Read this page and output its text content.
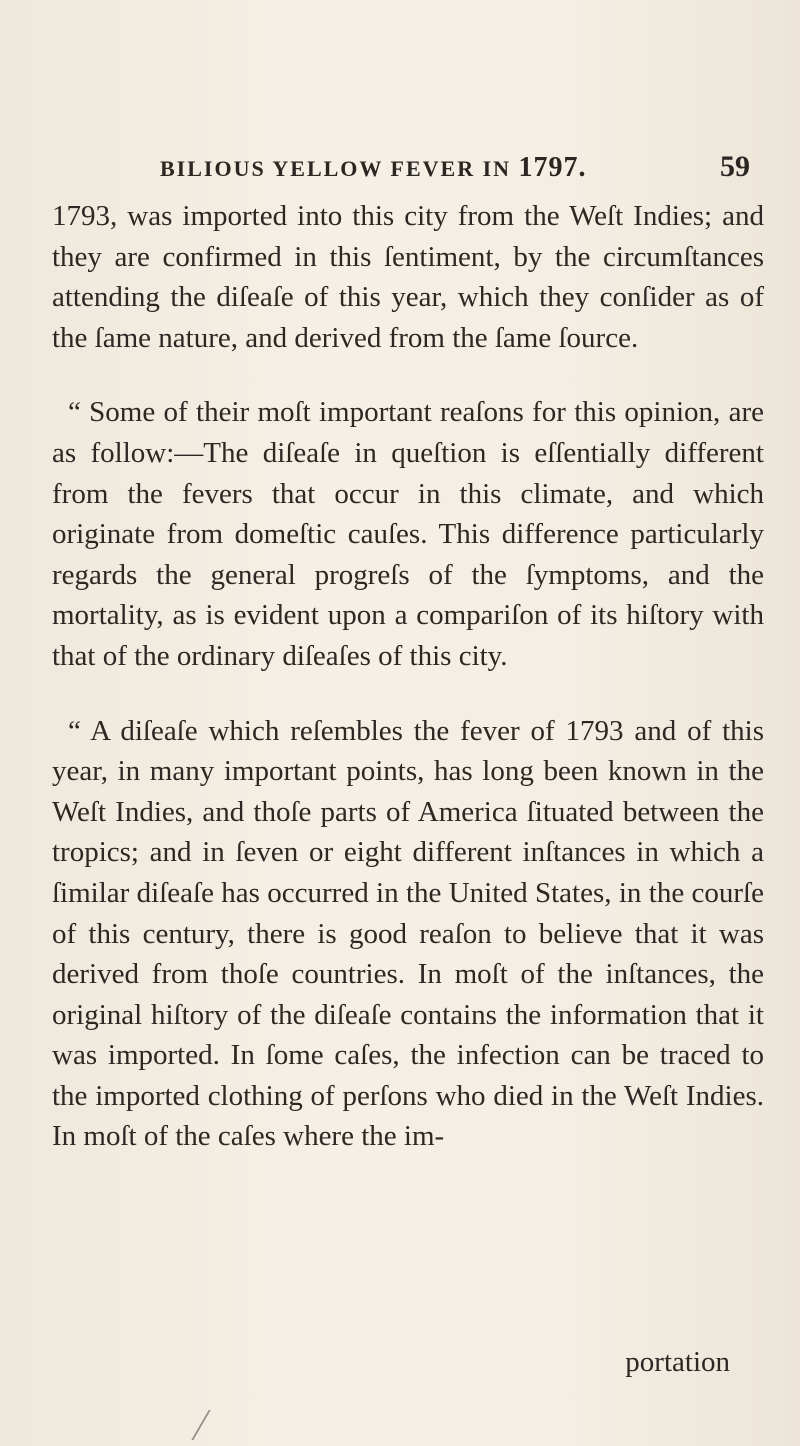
BILIOUS YELLOW FEVER IN 1797.	59

1793, was imported into this city from the Weſt Indies; and they are confirmed in this ſentiment, by the circumſtances attending the diſeaſe of this year, which they conſider as of the ſame nature, and derived from the ſame ſource.

“ Some of their moſt important reaſons for this opinion, are as follow:—The diſeaſe in queſtion is eſſentially different from the fevers that occur in this climate, and which originate from domeſtic cauſes. This difference particularly regards the general progreſs of the ſymptoms, and the mortality, as is evident upon a compariſon of its hiſtory with that of the ordinary diſeaſes of this city.

“ A diſeaſe which reſembles the fever of 1793 and of this year, in many important points, has long been known in the Weſt Indies, and thoſe parts of America ſituated between the tropics; and in ſeven or eight different inſtances in which a ſimilar diſeaſe has occurred in the United States, in the courſe of this century, there is good reaſon to believe that it was derived from thoſe countries. In moſt of the inſtances, the original hiſtory of the diſeaſe contains the information that it was imported. In ſome caſes, the infection can be traced to the imported clothing of perſons who died in the Weſt Indies. In moſt of the caſes where the im-

portation
